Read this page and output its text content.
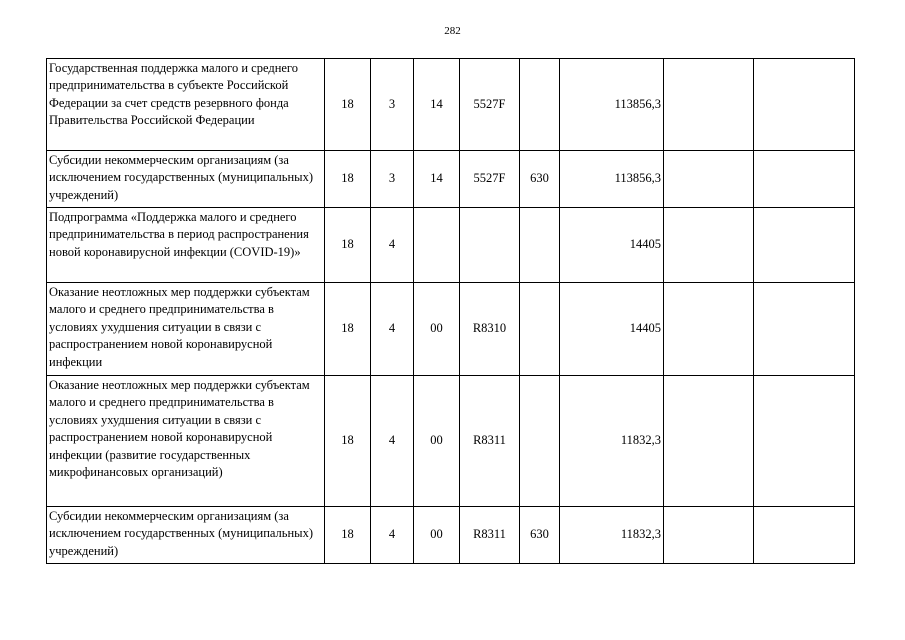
282
Государственная поддержка малого и среднего предпринимательства в субъекте Российской Федерации за счет средств резервного фонда Правительства Российской Федерации	18	3	14	5527F		113856,3		
Субсидии некоммерческим организациям (за исключением государственных (муниципальных) учреждений)	18	3	14	5527F	630	113856,3		
Подпрограмма «Поддержка малого и среднего предпринимательства в период распространения новой коронавирусной инфекции (COVID-19)»	18	4				14405		
Оказание неотложных мер поддержки субъектам малого и среднего предпринимательства в условиях ухудшения ситуации в связи с распространением новой коронавирусной инфекции	18	4	00	R8310		14405		
Оказание неотложных мер поддержки субъектам малого и среднего предпринимательства в условиях ухудшения ситуации в связи с распространением новой коронавирусной инфекции (развитие государственных микрофинансовых организаций)	18	4	00	R8311		11832,3		
Субсидии некоммерческим организациям (за исключением государственных (муниципальных) учреждений)	18	4	00	R8311	630	11832,3		
